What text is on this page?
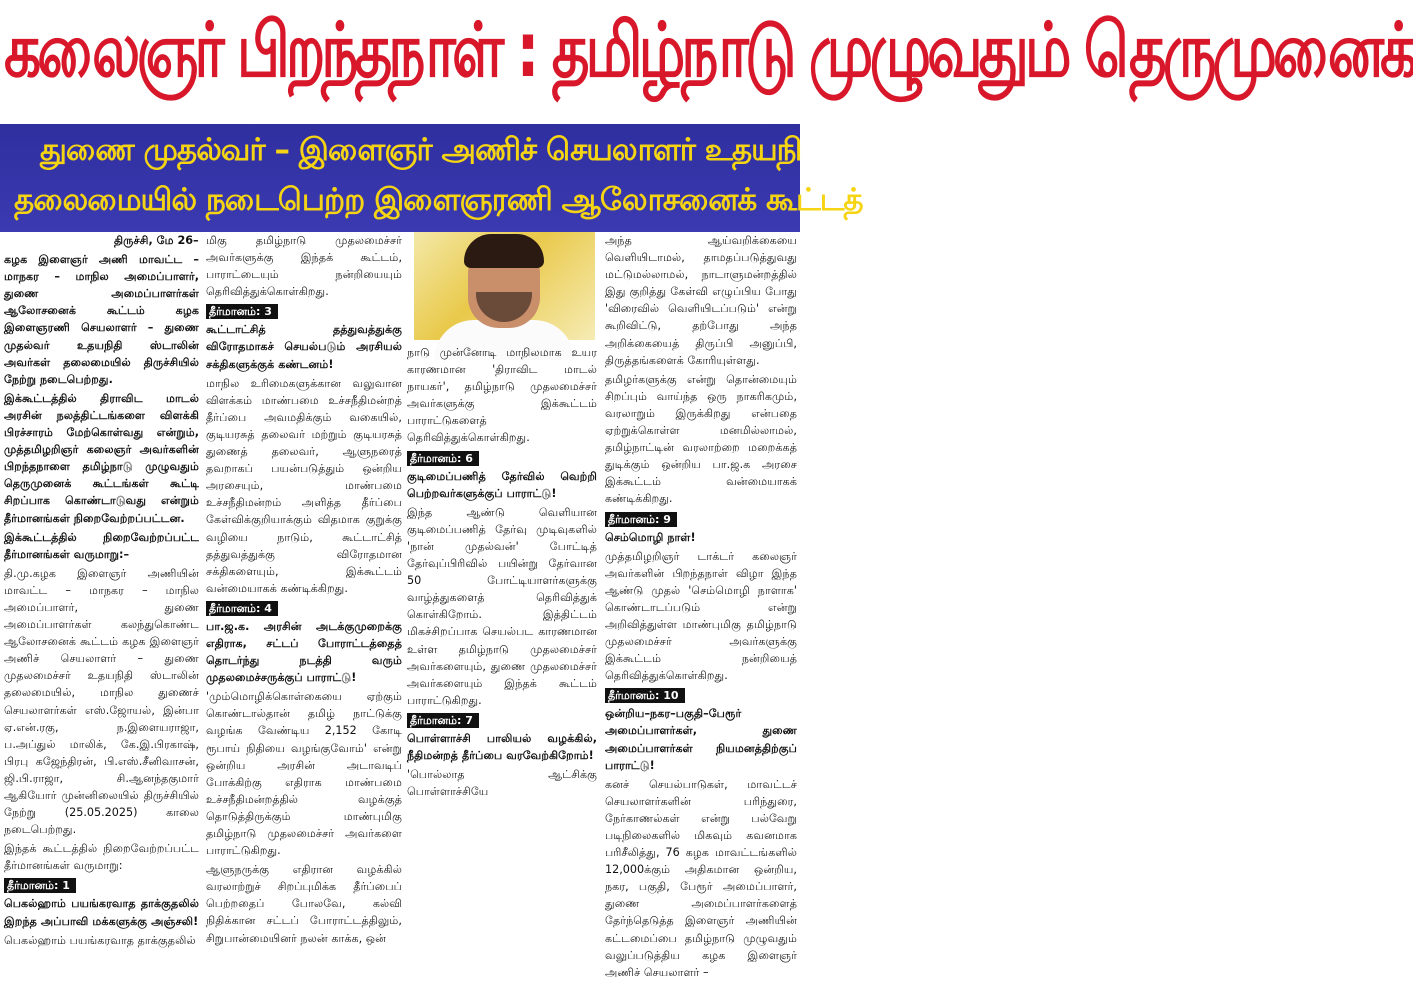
கலைஞர் பிறந்தநாள் : தமிழ்நாடு முழுவதும் தெருமுனைக்
துணை முதல்வர் – இளைஞர் அணிச் செயலாளர் உதயநி
தலைமையில் நடைபெற்ற இளைஞரணி ஆலோசனைக் கூட்டத்

திருச்சி, மே 26–

கழக இளைஞர் அணி மாவட்ட – மாநகர – மாநில அமைப்பாளர், துணை அமைப்பாளர்கள் ஆலோசனைக் கூட்டம் கழக இளைஞரணி செயலாளர் – துணை முதல்வர் உதயநிதி ஸ்டாலின் அவர்கள் தலைமையில் திருச்சியில் நேற்று நடைபெற்றது.

இக்கூட்டத்தில் திராவிட மாடல் அரசின் நலத்திட்டங்களை விளக்கி பிரச்சாரம் மேற்கொள்வது என்றும், முத்தமிழறிஞர் கலைஞர் அவர்களின் பிறந்தநாளை தமிழ்நாடு முழுவதும் தெருமுனைக் கூட்டங்கள் கூட்டி சிறப்பாக கொண்டாடுவது என்றும் தீர்மானங்கள் நிறைவேற்றப்பட்டன.

இக்கூட்டத்தில் நிறைவேற்றப்பட்ட தீர்மானங்கள் வருமாறு:–

தி.மு.கழக இளைஞர் அணியின் மாவட்ட – மாநகர – மாநில அமைப்பாளர், துணை அமைப்பாளர்கள் கலந்துகொண்ட ஆலோசனைக் கூட்டம் கழக இளைஞர் அணிச் செயலாளர் – துணை முதலமைச்சர் உதயநிதி ஸ்டாலின் தலைமையில், மாநில துணைச் செயலாளர்கள் எஸ்.ஜோயல், இன்பா ஏ.என்.ரகு, ந.இளையராஜா, ப.அப்துல் மாலிக், கே.இ.பிரகாஷ், பிரபு கஜேந்திரன், பி.எஸ்.சீனிவாசன், ஜி.பி.ராஜா, சி.ஆனந்தகுமார் ஆகியோர் முன்னிலையில் திருச்சியில் நேற்று (25.05.2025) காலை நடைபெற்றது.

இந்தக் கூட்டத்தில் நிறைவேற்றப்பட்ட தீர்மானங்கள் வருமாறு:

தீர்மானம்: 1

பெகல்ஹாம் பயங்கரவாத தாக்குதலில் இறந்த அப்பாவி மக்களுக்கு அஞ்சலி!

பெகல்ஹாம் பயங்கரவாத தாக்குதலில்

மிகு தமிழ்நாடு முதலமைச்சர் அவர்களுக்கு இந்தக் கூட்டம், பாராட்டையும் நன்றியையும் தெரிவித்துக்கொள்கிறது.

தீர்மானம்: 3

கூட்டாட்சித் தத்துவத்துக்கு விரோதமாகச் செயல்படும் அரசியல் சக்திகளுக்குக் கண்டனம்!

மாநில உரிமைகளுக்கான வலுவான விளக்கம் மாண்பமை உச்சநீதிமன்றத் தீர்ப்பை அவமதிக்கும் வகையில், குடியரசுத் தலைவர் மற்றும் குடியரசுத் துணைத் தலைவர், ஆளுநரைத் தவறாகப் பயன்படுத்தும் ஒன்றிய அரசையும், மாண்பமை உச்சநீதிமன்றம் அளித்த தீர்ப்பை கேள்விக்குறியாக்கும் விதமாக குறுக்கு வழியை நாடும், கூட்டாட்சித் தத்துவத்துக்கு விரோதமான சக்திகளையும், இக்கூட்டம் வன்மையாகக் கண்டிக்கிறது.

தீர்மானம்: 4

பா.ஜ.க. அரசின் அடக்குமுறைக்கு எதிராக, சட்டப் போராட்டத்தைத் தொடர்ந்து நடத்தி வரும் முதலமைச்சருக்குப் பாராட்டு!

'மும்மொழிக்கொள்கையை ஏற்கும் கொண்டால்தான் தமிழ் நாட்டுக்கு வழங்க வேண்டிய 2,152 கோடி ரூபாய் நிதியை வழங்குவோம்' என்று ஒன்றிய அரசின் அடாவடிப் போக்கிற்கு எதிராக மாண்பமை உச்சநீதிமன்றத்தில் வழக்குத் தொடுத்திருக்கும் மாண்புமிகு தமிழ்நாடு முதலமைச்சர் அவர்களை பாராட்டுகிறது.

ஆளுநருக்கு எதிரான வழக்கில் வரலாற்றுச் சிறப்புமிக்க தீர்ப்பைப் பெற்றதைப் போலவே, கல்வி நிதிக்கான சட்டப் போராட்டத்திலும், சிறுபான்மையினர் நலன் காக்க, ஒன்

நாடு முன்னோடி மாநிலமாக உயர காரணமான 'திராவிட மாடல் நாயகர்', தமிழ்நாடு முதலமைச்சர் அவர்களுக்கு இக்கூட்டம் பாராட்டுகளைத் தெரிவித்துக்கொள்கிறது.

தீர்மானம்: 6

குடிமைப்பணித் தேர்வில் வெற்றி பெற்றவர்களுக்குப் பாராட்டு!

இந்த ஆண்டு வெளியான குடிமைப்பணித் தேர்வு முடிவுகளில் 'நான் முதல்வன்' போட்டித் தேர்வுப்பிரிவில் பயின்று தேர்வான 50 போட்டியாளர்களுக்கு வாழ்த்துகளைத் தெரிவித்துக் கொள்கிறோம். இத்திட்டம் மிகச்சிறப்பாக செயல்பட காரணமான உள்ள தமிழ்நாடு முதலமைச்சர் அவர்களையும், துணை முதலமைச்சர் அவர்களையும் இந்தக் கூட்டம் பாராட்டுகிறது.

தீர்மானம்: 7

பொள்ளாச்சி பாலியல் வழக்கில், நீதிமன்றத் தீர்ப்பை வரவேற்கிறோம்!

'பொல்லாத ஆட்சிக்கு பொள்ளாச்சியே

அந்த ஆய்வறிக்கையை வெளியிடாமல், தாமதப்படுத்துவது மட்டுமல்லாமல், நாடாளுமன்றத்தில் இது குறித்து கேள்வி எழுப்பிய போது 'விரைவில் வெளியிடப்படும்' என்று கூறிவிட்டு, தற்போது அந்த அறிக்கையைத் திருப்பி அனுப்பி, திருத்தங்களைக் கோரியுள்ளது.

தமிழர்களுக்கு என்று தொன்மையும் சிறப்பும் வாய்ந்த ஒரு நாகரிகமும், வரலாறும் இருக்கிறது என்பதை ஏற்றுக்கொள்ள மனமில்லாமல், தமிழ்நாட்டின் வரலாற்றை மறைக்கத் துடிக்கும் ஒன்றிய பா.ஜ.க அரசை இக்கூட்டம் வன்மையாகக் கண்டிக்கிறது.

தீர்மானம்: 9

செம்மொழி நாள்!

முத்தமிழறிஞர் டாக்டர் கலைஞர் அவர்களின் பிறந்தநாள் விழா இந்த ஆண்டு முதல் 'செம்மொழி நாளாக' கொண்டாடப்படும் என்று அறிவித்துள்ள மாண்புமிகு தமிழ்நாடு முதலமைச்சர் அவர்களுக்கு இக்கூட்டம் நன்றியைத் தெரிவித்துக்கொள்கிறது.

தீர்மானம்: 10

ஒன்றிய–நகர–பகுதி–பேரூர் அமைப்பாளர்கள், துணை அமைப்பாளர்கள் நியமனத்திற்குப் பாராட்டு!

கனச் செயல்பாடுகள், மாவட்டச் செயலாளர்களின் பரிந்துரை, நேர்காணல்கள் என்று பல்வேறு படிநிலைகளில் மிகவும் கவனமாக பரிசீலித்து, 76 கழக மாவட்டங்களில் 12,000க்கும் அதிகமான ஒன்றிய, நகர, பகுதி, பேரூர் அமைப்பாளர், துணை அமைப்பாளர்களைத் தேர்ந்தெடுத்த இளைஞர் அணியின் கட்டமைப்பை தமிழ்நாடு முழுவதும் வலுப்படுத்திய கழக இளைஞர் அணிச் செயலாளர் –
